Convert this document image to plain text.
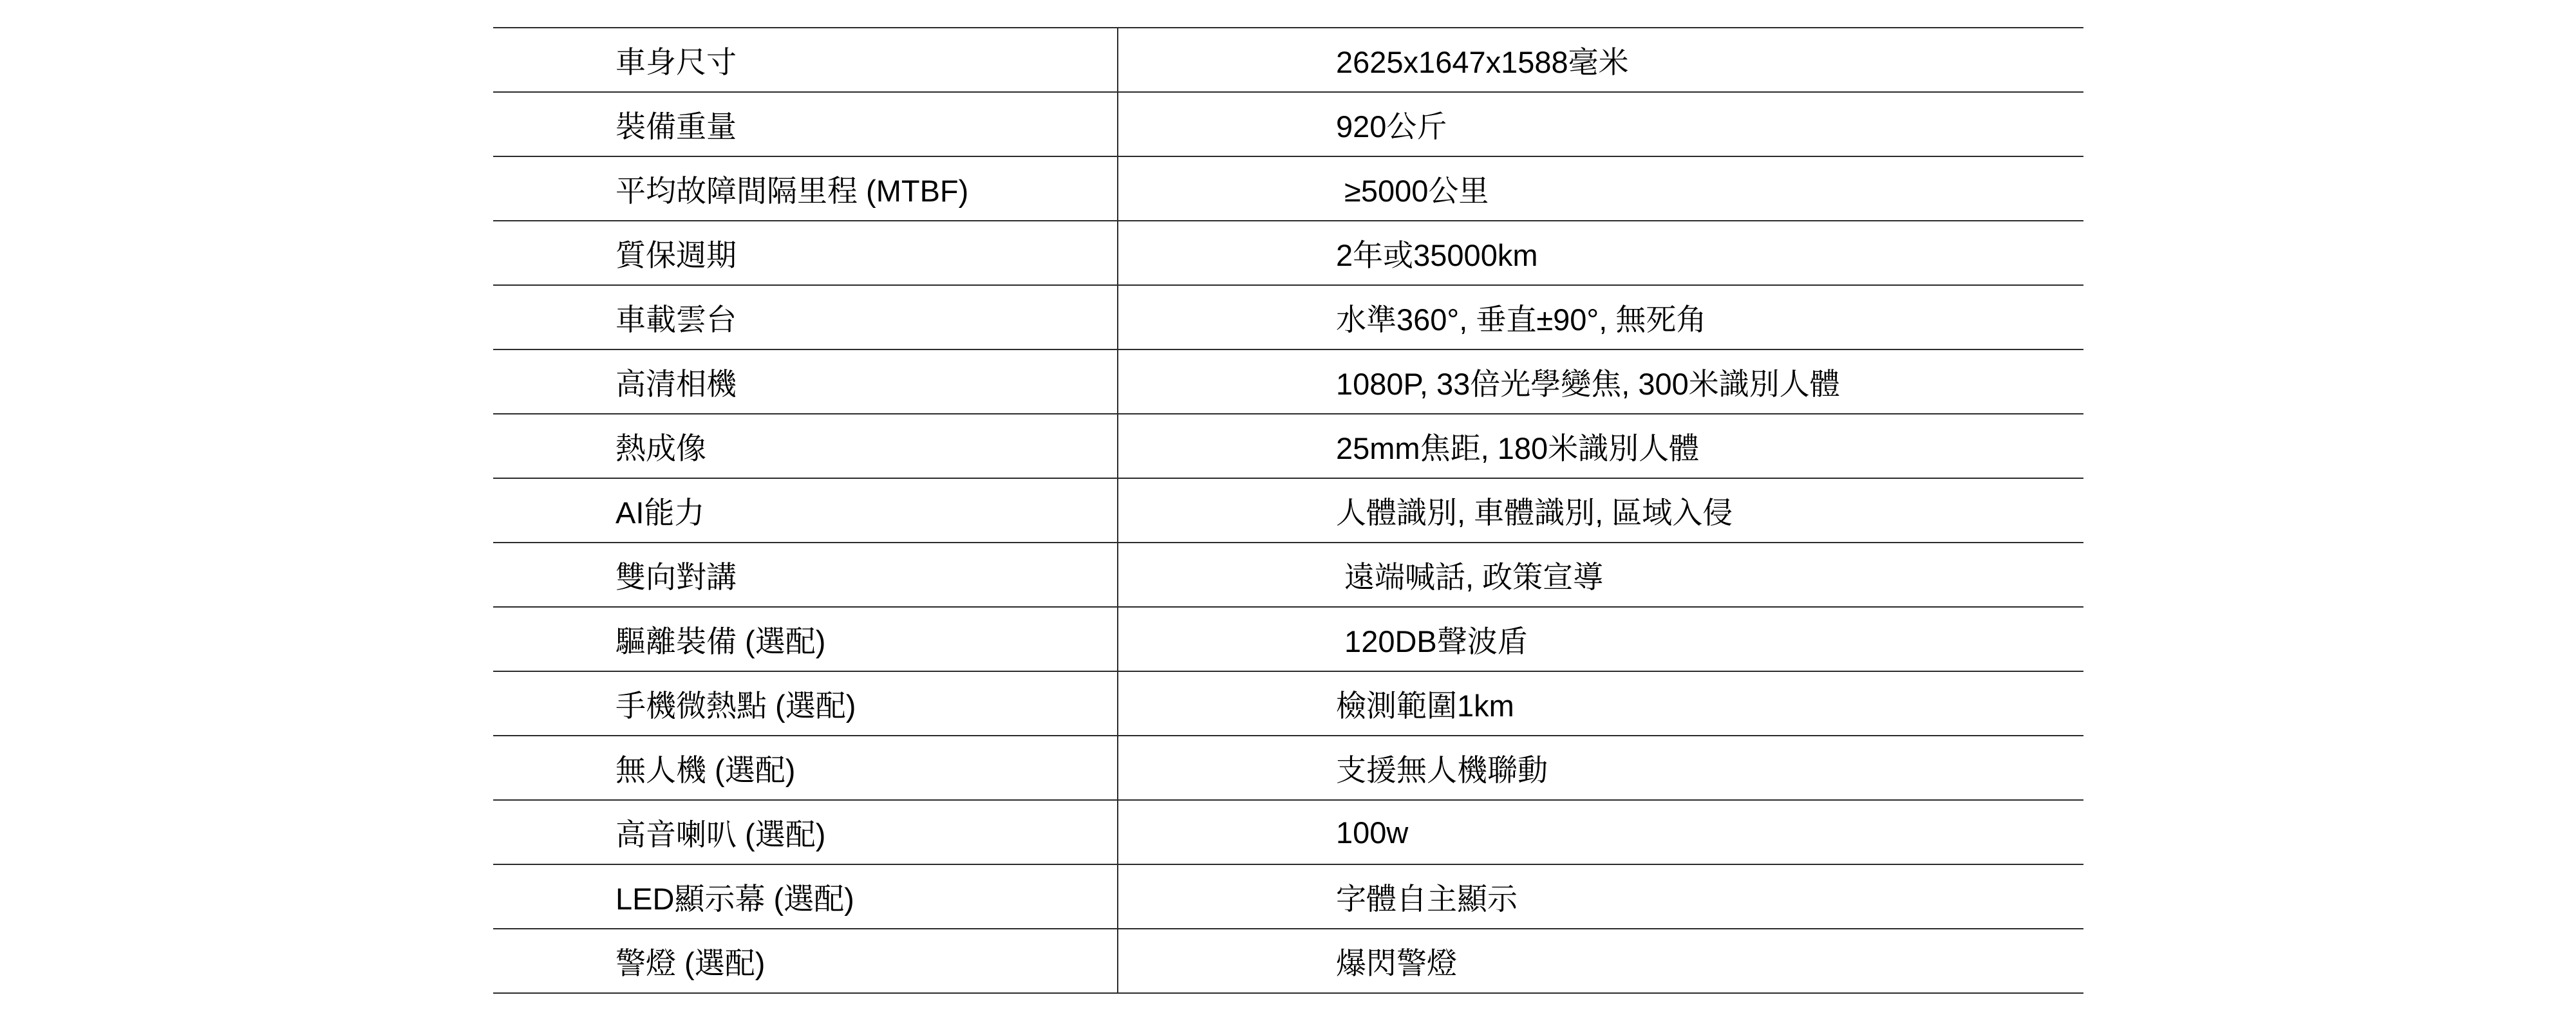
車身尺寸	2625x1647x1588毫米
裝備重量	920公斤
平均故障間隔里程 (MTBF)	≥5000公里
質保週期	2年或35000km
車載雲台	水準360°, 垂直±90°, 無死角
高清相機	1080P, 33倍光學變焦, 300米識別人體
熱成像	25mm焦距, 180米識別人體
AI能力	人體識別, 車體識別, 區域入侵
雙向對講	遠端喊話, 政策宣導
驅離裝備 (選配)	120DB聲波盾
手機微熱點 (選配)	檢測範圍1km
無人機 (選配)	支援無人機聯動
高音喇叭 (選配)	100w
LED顯示幕 (選配)	字體自主顯示
警燈 (選配)	爆閃警燈
